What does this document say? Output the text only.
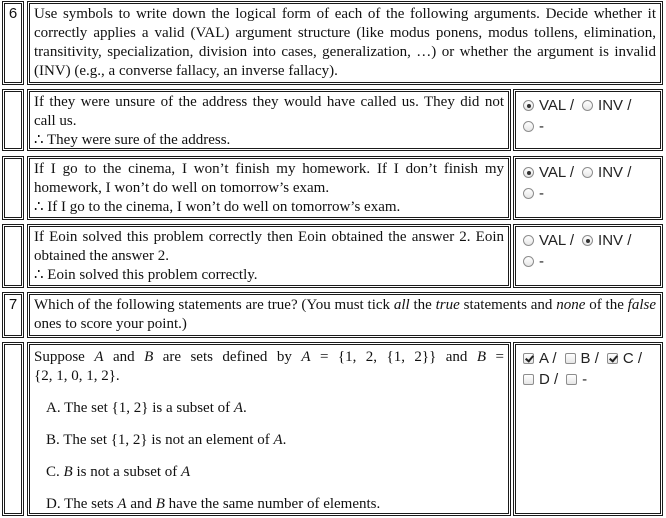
6	Use symbols to write down the logical form of each of the following arguments. Decide whether it correctly applies a valid (VAL) argument structure (like modus ponens, modus tollens, elimination, transitivity, specialization, division into cases, generalization, …) or whether the argument is invalid (INV) (e.g., a converse fallacy, an inverse fallacy).

If they were unsure of the address they would have called us. They did not call us.

∴ They were sure of the address.

VAL / INV /
-

If I go to the cinema, I won’t finish my homework. If I don’t finish my homework, I won’t do well on tomorrow’s exam.

∴ If I go to the cinema, I won’t do well on tomorrow’s exam.

VAL / INV /
-

If Eoin solved this problem correctly then Eoin obtained the answer 2. Eoin obtained the answer 2.

∴ Eoin solved this problem correctly.

VAL / INV /
-
7	Which of the following statements are true? (You must tick all the true statements and none of the false ones to score your point.)

Suppose A and B are sets defined by A = {1, 2, {1, 2}} and B =

{2, 1, 0, 1, 2}.

A. The set {1, 2} is a subset of A.

B. The set {1, 2} is not an element of A.

C. B is not a subset of A

D. The sets A and B have the same number of elements.

A / B / C /
D / -
